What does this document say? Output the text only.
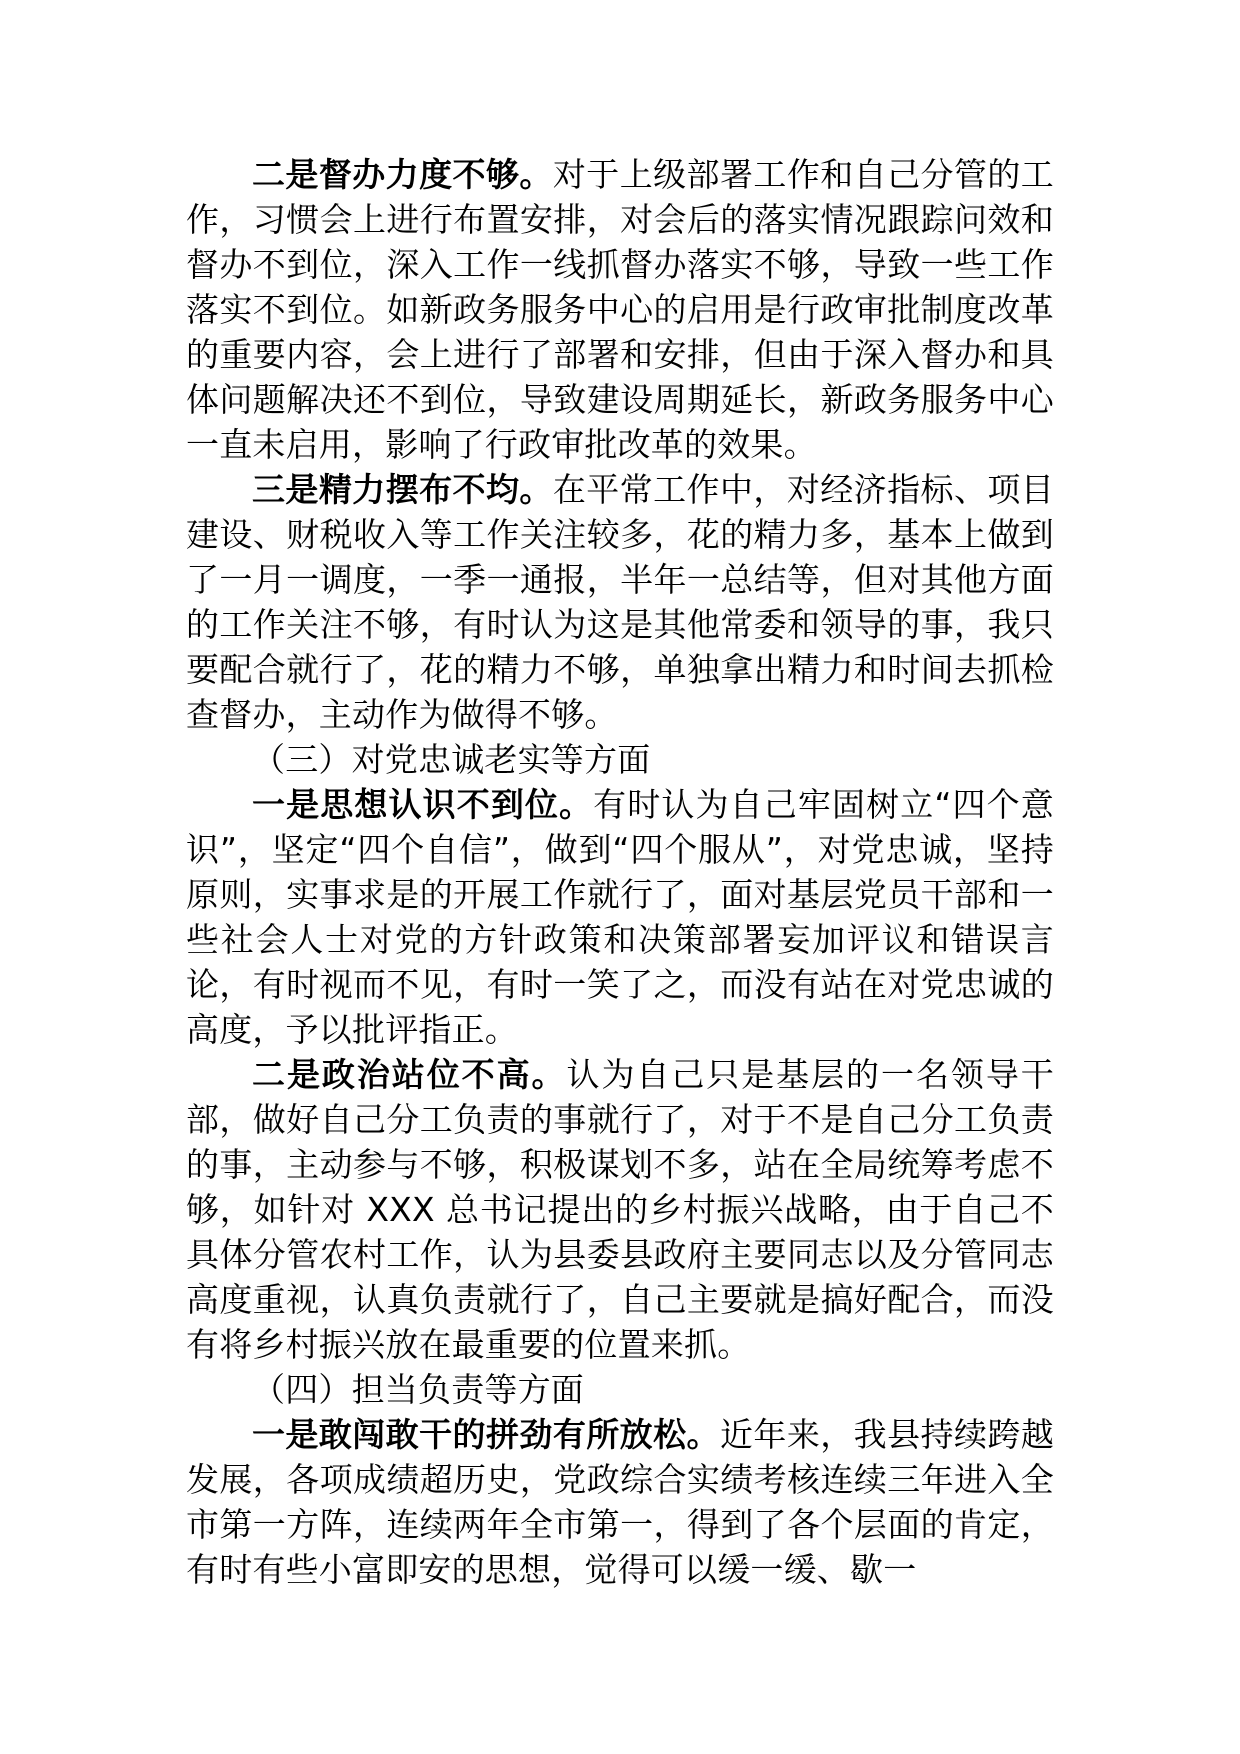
二是督办力度不够。对于上级部署工作和自己分管的工作，习惯会上进行布置安排，对会后的落实情况跟踪问效和督办不到位，深入工作一线抓督办落实不够，导致一些工作落实不到位。如新政务服务中心的启用是行政审批制度改革的重要内容，会上进行了部署和安排，但由于深入督办和具体问题解决还不到位，导致建设周期延长，新政务服务中心一直未启用，影响了行政审批改革的效果。

三是精力摆布不均。在平常工作中，对经济指标、项目建设、财税收入等工作关注较多，花的精力多，基本上做到了一月一调度，一季一通报，半年一总结等，但对其他方面的工作关注不够，有时认为这是其他常委和领导的事，我只要配合就行了，花的精力不够，单独拿出精力和时间去抓检查督办，主动作为做得不够。

（三）对党忠诚老实等方面

一是思想认识不到位。有时认为自己牢固树立“四个意识”，坚定“四个自信”，做到“四个服从”，对党忠诚，坚持原则，实事求是的开展工作就行了，面对基层党员干部和一些社会人士对党的方针政策和决策部署妄加评议和错误言论，有时视而不见，有时一笑了之，而没有站在对党忠诚的高度，予以批评指正。

二是政治站位不高。认为自己只是基层的一名领导干部，做好自己分工负责的事就行了，对于不是自己分工负责的事，主动参与不够，积极谋划不多，站在全局统筹考虑不够，如针对 XXX 总书记提出的乡村振兴战略，由于自己不具体分管农村工作，认为县委县政府主要同志以及分管同志高度重视，认真负责就行了，自己主要就是搞好配合，而没有将乡村振兴放在最重要的位置来抓。

（四）担当负责等方面

一是敢闯敢干的拼劲有所放松。近年来，我县持续跨越发展，各项成绩超历史，党政综合实绩考核连续三年进入全市第一方阵，连续两年全市第一，得到了各个层面的肯定，有时有些小富即安的思想，觉得可以缓一缓、歇一
